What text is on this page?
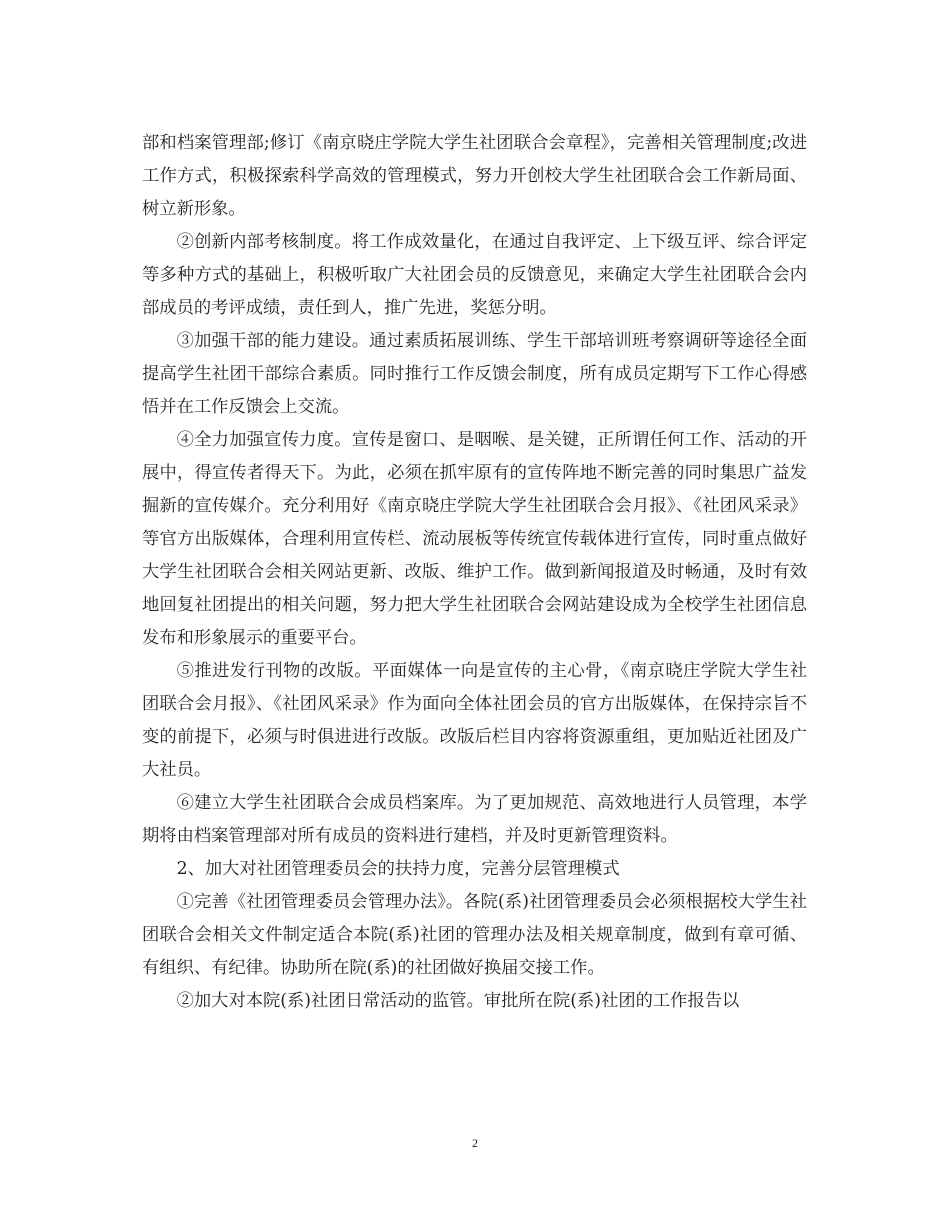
部和档案管理部;修订《南京晓庄学院大学生社团联合会章程》，完善相关管理制度;改进工作方式，积极探索科学高效的管理模式，努力开创校大学生社团联合会工作新局面、树立新形象。

②创新内部考核制度。将工作成效量化，在通过自我评定、上下级互评、综合评定等多种方式的基础上，积极听取广大社团会员的反馈意见，来确定大学生社团联合会内部成员的考评成绩，责任到人，推广先进，奖惩分明。

③加强干部的能力建设。通过素质拓展训练、学生干部培训班考察调研等途径全面提高学生社团干部综合素质。同时推行工作反馈会制度，所有成员定期写下工作心得感悟并在工作反馈会上交流。

④全力加强宣传力度。宣传是窗口、是咽喉、是关键，正所谓任何工作、活动的开展中，得宣传者得天下。为此，必须在抓牢原有的宣传阵地不断完善的同时集思广益发掘新的宣传媒介。充分利用好《南京晓庄学院大学生社团联合会月报》、《社团风采录》等官方出版媒体，合理利用宣传栏、流动展板等传统宣传载体进行宣传，同时重点做好大学生社团联合会相关网站更新、改版、维护工作。做到新闻报道及时畅通，及时有效地回复社团提出的相关问题，努力把大学生社团联合会网站建设成为全校学生社团信息发布和形象展示的重要平台。

⑤推进发行刊物的改版。平面媒体一向是宣传的主心骨，《南京晓庄学院大学生社团联合会月报》、《社团风采录》作为面向全体社团会员的官方出版媒体，在保持宗旨不变的前提下，必须与时俱进进行改版。改版后栏目内容将资源重组，更加贴近社团及广大社员。

⑥建立大学生社团联合会成员档案库。为了更加规范、高效地进行人员管理，本学期将由档案管理部对所有成员的资料进行建档，并及时更新管理资料。

2、加大对社团管理委员会的扶持力度，完善分层管理模式

①完善《社团管理委员会管理办法》。各院(系)社团管理委员会必须根据校大学生社团联合会相关文件制定适合本院(系)社团的管理办法及相关规章制度，做到有章可循、有组织、有纪律。协助所在院(系)的社团做好换届交接工作。

②加大对本院(系)社团日常活动的监管。审批所在院(系)社团的工作报告以

2
